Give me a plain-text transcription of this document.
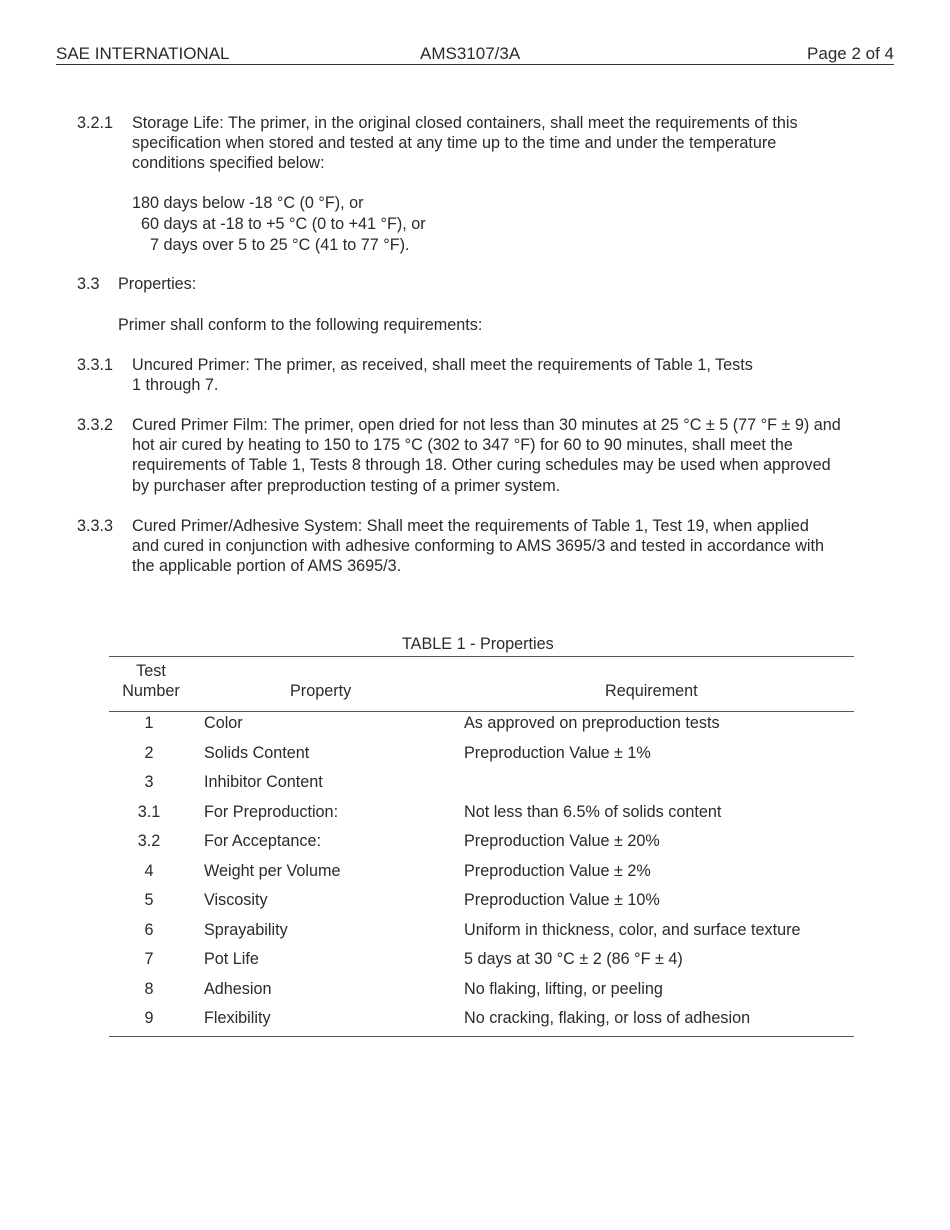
SAE INTERNATIONAL	AMS3107/3A	Page 2 of 4
3.2.1 Storage Life: The primer, in the original closed containers, shall meet the requirements of this
specification when stored and tested at any time up to the time and under the temperature
conditions specified below:
180 days below -18 °C (0 °F), or
60 days at -18 to +5 °C (0 to +41 °F), or
7 days over 5 to 25 °C (41 to 77 °F).
3.3 Properties:
Primer shall conform to the following requirements:
3.3.1 Uncured Primer: The primer, as received, shall meet the requirements of Table 1, Tests
1 through 7.
3.3.2 Cured Primer Film: The primer, open dried for not less than 30 minutes at 25 °C ± 5 (77 °F ± 9) and
hot air cured by heating to 150 to 175 °C (302 to 347 °F) for 60 to 90 minutes, shall meet the
requirements of Table 1, Tests 8 through 18. Other curing schedules may be used when approved
by purchaser after preproduction testing of a primer system.
3.3.3 Cured Primer/Adhesive System: Shall meet the requirements of Table 1, Test 19, when applied
and cured in conjunction with adhesive conforming to AMS 3695/3 and tested in accordance with
the applicable portion of AMS 3695/3.
TABLE 1 - Properties
Test
Number	Property	Requirement
1	Color	As approved on preproduction tests
2	Solids Content	Preproduction Value ± 1%
3	Inhibitor Content
3.1	For Preproduction:	Not less than 6.5% of solids content
3.2	For Acceptance:	Preproduction Value ± 20%
4	Weight per Volume	Preproduction Value ± 2%
5	Viscosity	Preproduction Value ± 10%
6	Sprayability	Uniform in thickness, color, and surface texture
7	Pot Life	5 days at 30 °C ± 2 (86 °F ± 4)
8	Adhesion	No flaking, lifting, or peeling
9	Flexibility	No cracking, flaking, or loss of adhesion
